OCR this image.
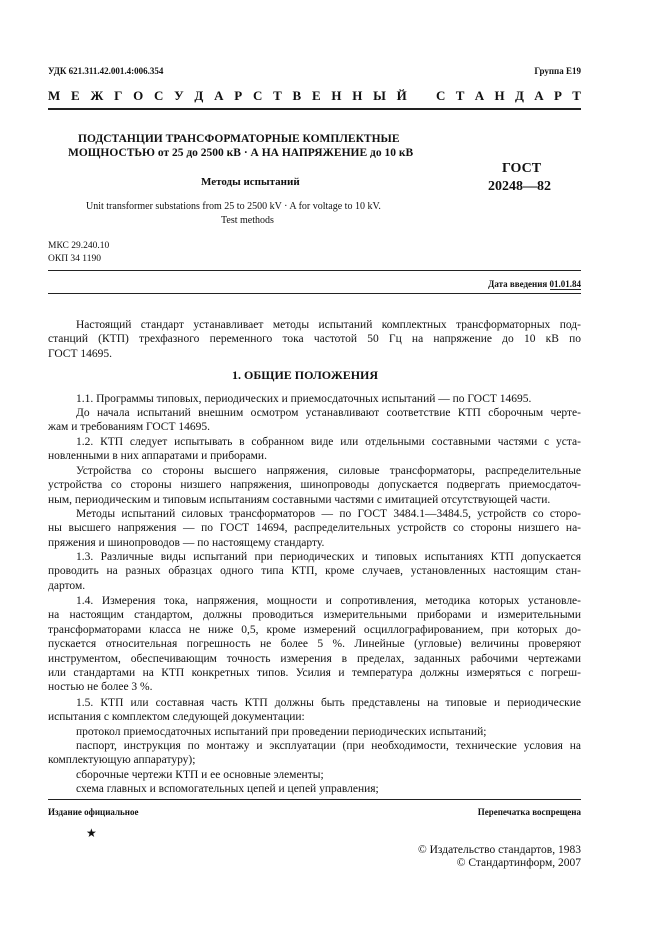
УДК 621.311.42.001.4:006.354	Группа Е19
М Е Ж Г О С У Д А Р С Т В Е Н Н Ы Й С Т А Н Д А Р Т
ПОДСТАНЦИИ ТРАНСФОРМАТОРНЫЕ КОМПЛЕКТНЫЕ
МОЩНОСТЬЮ от 25 до 2500 кВ · А НА НАПРЯЖЕНИЕ до 10 кВ
Методы испытаний
ГОСТ
20248—82
Unit transformer substations from 25 to 2500 kV · A for voltage to 10 kV.
Test methods
МКС 29.240.10
ОКП 34 1190
Дата введения 01.01.84
Настоящий стандарт устанавливает методы испытаний комплектных трансформаторных под-
станций (КТП) трехфазного переменного тока частотой 50 Гц на напряжение до 10 кВ по
ГОСТ 14695.
1. ОБЩИЕ ПОЛОЖЕНИЯ
1.1. Программы типовых, периодических и приемосдаточных испытаний — по ГОСТ 14695.
До начала испытаний внешним осмотром устанавливают соответствие КТП сборочным черте-
жам и требованиям ГОСТ 14695.
1.2. КТП следует испытывать в собранном виде или отдельными составными частями с уста-
новленными в них аппаратами и приборами.
Устройства со стороны высшего напряжения, силовые трансформаторы, распределительные
устройства со стороны низшего напряжения, шинопроводы допускается подвергать приемосдаточ-
ным, периодическим и типовым испытаниям составными частями с имитацией отсутствующей части.
Методы испытаний силовых трансформаторов — по ГОСТ 3484.1—3484.5, устройств со сторо-
ны высшего напряжения — по ГОСТ 14694, распределительных устройств со стороны низшего на-
пряжения и шинопроводов — по настоящему стандарту.
1.3. Различные виды испытаний при периодических и типовых испытаниях КТП допускается
проводить на разных образцах одного типа КТП, кроме случаев, установленных настоящим стан-
дартом.
1.4. Измерения тока, напряжения, мощности и сопротивления, методика которых установле-
на настоящим стандартом, должны проводиться измерительными приборами и измерительными
трансформаторами класса не ниже 0,5, кроме измерений осциллографированием, при которых до-
пускается относительная погрешность не более 5 %. Линейные (угловые) величины проверяют
инструментом, обеспечивающим точность измерения в пределах, заданных рабочими чертежами
или стандартами на КТП конкретных типов. Усилия и температура должны измеряться с погреш-
ностью не более 3 %.
1.5. КТП или составная часть КТП должны быть представлены на типовые и периодические
испытания с комплектом следующей документации:
протокол приемосдаточных испытаний при проведении периодических испытаний;
паспорт, инструкция по монтажу и эксплуатации (при необходимости, технические условия на
комплектующую аппаратуру);
сборочные чертежи КТП и ее основные элементы;
схема главных и вспомогательных цепей и цепей управления;
Издание официальное	Перепечатка воспрещена
★
© Издательство стандартов, 1983
© Стандартинформ, 2007
